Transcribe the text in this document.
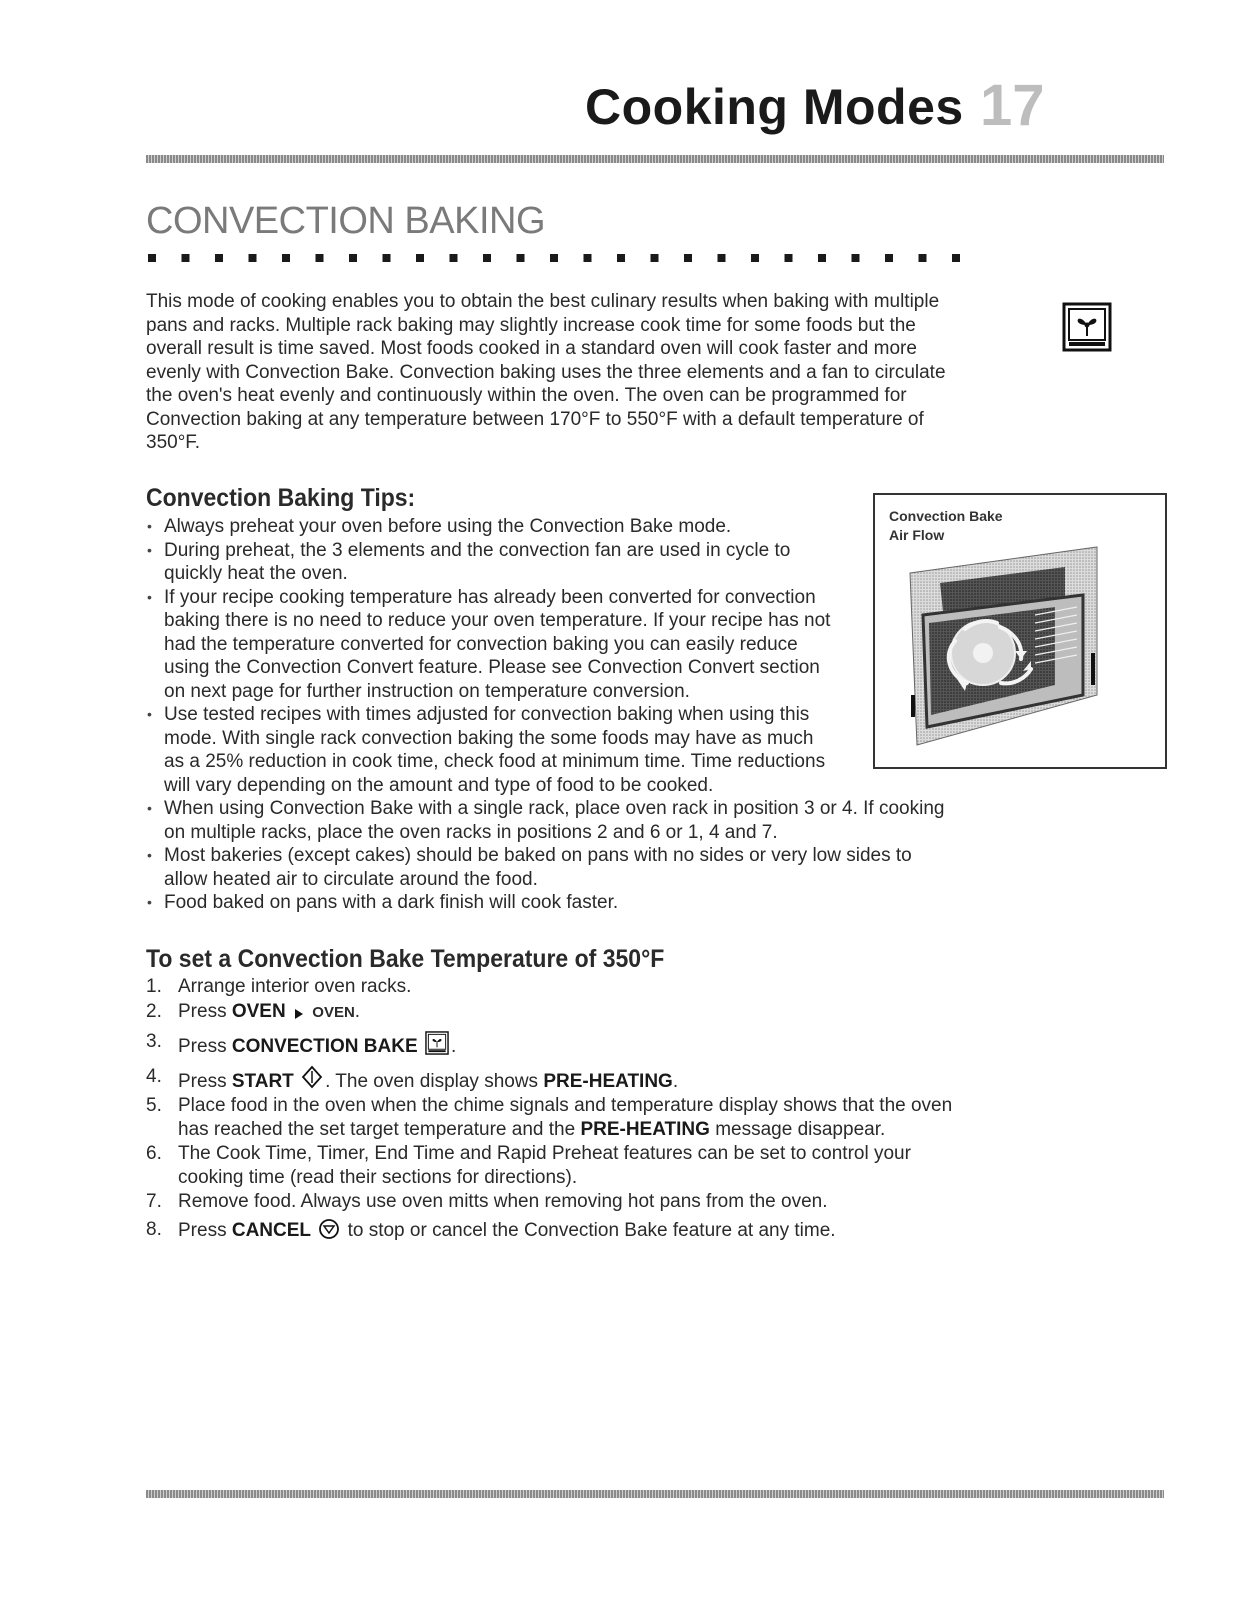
Cooking Modes 17
CONVECTION BAKING
This mode of cooking enables you to obtain the best culinary results when baking with multiple pans and racks. Multiple rack baking may slightly increase cook time for some foods but the overall result is time saved. Most foods cooked in a standard oven will cook faster and more evenly with Convection Bake. Convection baking uses the three elements and a fan to circulate the oven's heat evenly and continuously within the oven. The oven can be programmed for Convection baking at any temperature between 170°F to 550°F with a default temperature of 350°F.
Convection Baking Tips:
• Always preheat your oven before using the Convection Bake mode.
• During preheat, the 3 elements and the convection fan are used in cycle to quickly heat the oven.
• If your recipe cooking temperature has already been converted for convection baking there is no need to reduce your oven temperature. If your recipe has not had the temperature converted for convection baking you can easily reduce using the Convection Convert feature. Please see Convection Convert section on next page for further instruction on temperature conversion.
• Use tested recipes with times adjusted for convection baking when using this mode. With single rack convection baking the some foods may have as much as a 25% reduction in cook time, check food at minimum time. Time reductions will vary depending on the amount and type of food to be cooked.
• When using Convection Bake with a single rack, place oven rack in position 3 or 4. If cooking on multiple racks, place the oven racks in positions 2 and 6 or 1, 4 and 7.
• Most bakeries (except cakes) should be baked on pans with no sides or very low sides to allow heated air to circulate around the food.
• Food baked on pans with a dark finish will cook faster.
Convection Bake
Air Flow
To set a Convection Bake Temperature of 350°F
1. Arrange interior oven racks.
2. Press OVEN OVEN.
3. Press CONVECTION BAKE .
4. Press START . The oven display shows PRE-HEATING.
5. Place food in the oven when the chime signals and temperature display shows that the oven has reached the set target temperature and the PRE-HEATING message disappear.
6. The Cook Time, Timer, End Time and Rapid Preheat features can be set to control your cooking time (read their sections for directions).
7. Remove food. Always use oven mitts when removing hot pans from the oven.
8. Press CANCEL  to stop or cancel the Convection Bake feature at any time.
